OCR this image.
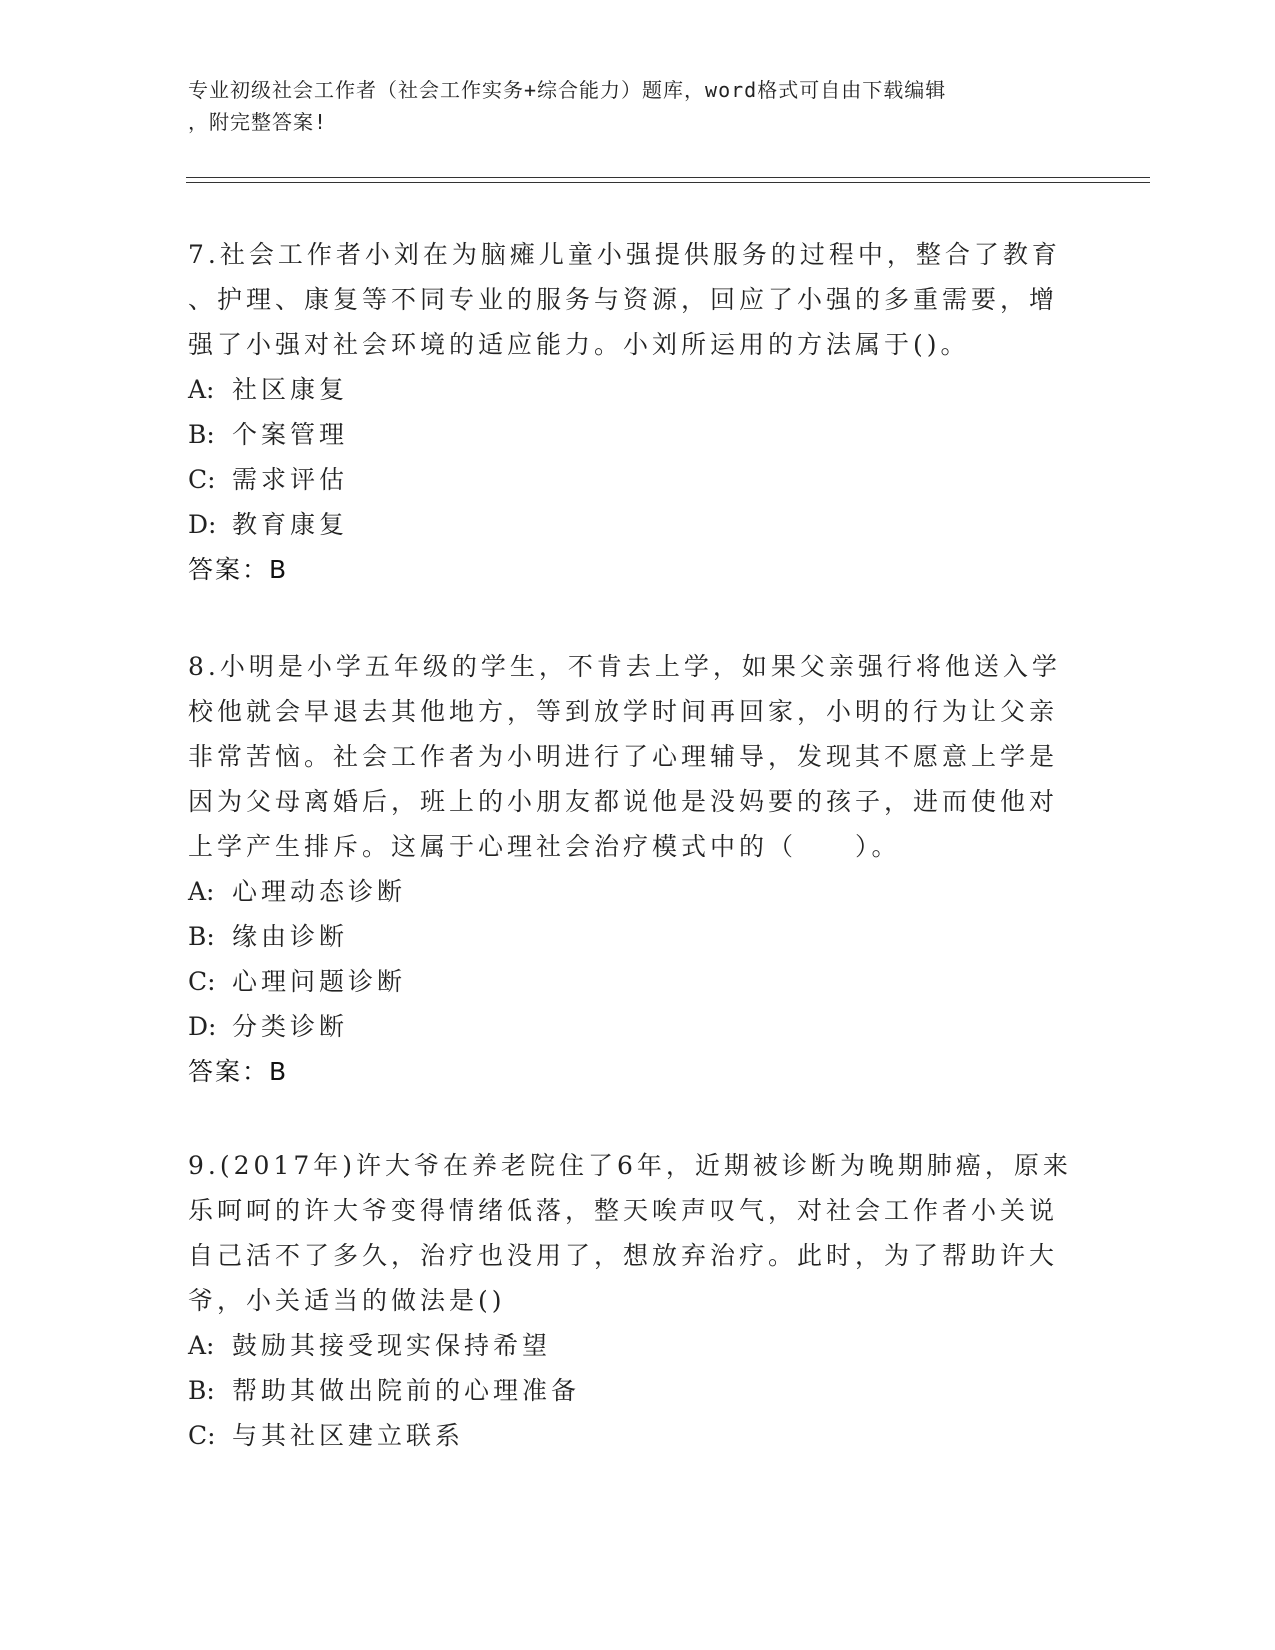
专业初级社会工作者（社会工作实务+综合能力）题库，word格式可自由下载编辑
，附完整答案!
7.社会工作者小刘在为脑瘫儿童小强提供服务的过程中，整合了教育
、护理、康复等不同专业的服务与资源，回应了小强的多重需要，增
强了小强对社会环境的适应能力。小刘所运用的方法属于()。
A: 社区康复
B: 个案管理
C: 需求评估
D: 教育康复
答案：B
8.小明是小学五年级的学生，不肯去上学，如果父亲强行将他送入学
校他就会早退去其他地方，等到放学时间再回家，小明的行为让父亲
非常苦恼。社会工作者为小明进行了心理辅导，发现其不愿意上学是
因为父母离婚后，班上的小朋友都说他是没妈要的孩子，进而使他对
上学产生排斥。这属于心理社会治疗模式中的（　　）。
A: 心理动态诊断
B: 缘由诊断
C: 心理问题诊断
D: 分类诊断
答案：B
9.(2017年)许大爷在养老院住了6年，近期被诊断为晚期肺癌，原来
乐呵呵的许大爷变得情绪低落，整天唉声叹气，对社会工作者小关说
自己活不了多久，治疗也没用了，想放弃治疗。此时，为了帮助许大
爷，小关适当的做法是()
A: 鼓励其接受现实保持希望
B: 帮助其做出院前的心理准备
C: 与其社区建立联系
